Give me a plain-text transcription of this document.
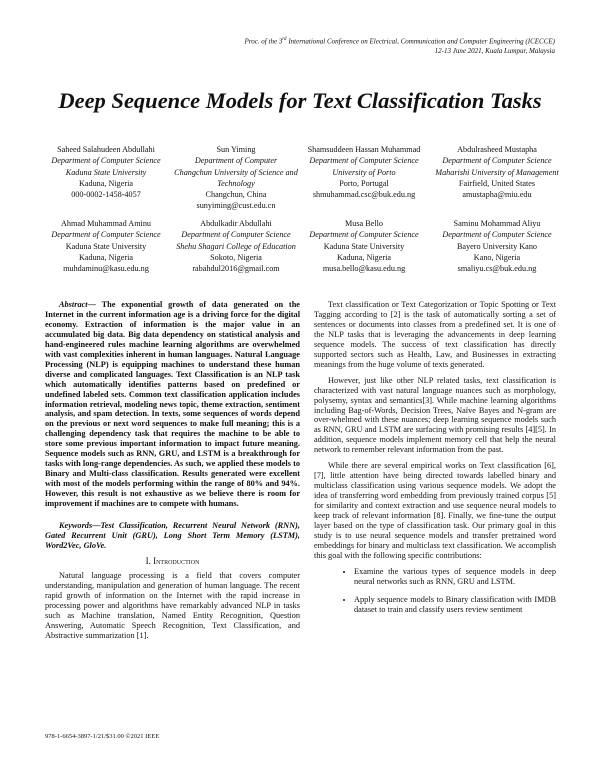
Proc. of the 3rd International Conference on Electrical, Communication and Computer Engineering (ICECCE)
12-13 June 2021, Kuala Lumpur, Malaysia
Deep Sequence Models for Text Classification Tasks
Saheed Salahudeen Abdullahi
Department of Computer Science
Kaduna State University
Kaduna, Nigeria
000-0002-1458-4057
Sun Yiming
Department of Computer
Changchun University of Science and Technology
Changchun, China
sunyiming@cust.edu.cn
Shamsuddeen Hassan Muhammad
Department of Computer Science
University of Porto
Porto, Portugal
shmuhammad.csc@buk.edu.ng
Abdulrasheed Mustapha
Department of Computer Science
Maharishi University of Management
Fairfield, United States
amustapha@miu.edu
Ahmad Muhammad Aminu
Department of Computer Science
Kaduna State University
Kaduna, Nigeria
muhdaminu@kasu.edu.ng
Abdulkadir Abdullahi
Department of Computer Science
Shehu Shagari College of Education
Sokoto, Nigeria
rabahdul2016@gmail.com
Musa Bello
Department of Computer Science
Kaduna State University
Kaduna, Nigeria
musa.bello@kasu.edu.ng
Saminu Mohammad Aliyu
Department of Computer Science
Bayero University Kano
Kano, Nigeria
smaliyu.cs@buk.edu.ng

Abstract— The exponential growth of data generated on the Internet in the current information age is a driving force for the digital economy. Extraction of information is the major value in an accumulated big data. Big data dependency on statistical analysis and hand-engineered rules machine learning algorithms are overwhelmed with vast complexities inherent in human languages. Natural Language Processing (NLP) is equipping machines to understand these human diverse and complicated languages. Text Classification is an NLP task which automatically identifies patterns based on predefined or undefined labeled sets. Common text classification application includes information retrieval, modeling news topic, theme extraction, sentiment analysis, and spam detection. In texts, some sequences of words depend on the previous or next word sequences to make full meaning; this is a challenging dependency task that requires the machine to be able to store some previous important information to impact future meaning. Sequence models such as RNN, GRU, and LSTM is a breakthrough for tasks with long-range dependencies. As such, we applied these models to Binary and Multi-class classification. Results generated were excellent with most of the models performing within the range of 80% and 94%. However, this result is not exhaustive as we believe there is room for improvement if machines are to compete with humans.

Keywords—Test Classification, Recurrent Neural Network (RNN), Gated Recurrent Unit (GRU), Long Short Term Memory (LSTM), Word2Vec, GloVe.

I. Introduction

Natural language processing is a field that covers computer understanding, manipulation and generation of human language. The recent rapid growth of information on the Internet with the rapid increase in processing power and algorithms have remarkably advanced NLP in tasks such as Machine translation, Named Entity Recognition, Question Answering, Automatic Speech Recognition, Text Classification, and Abstractive summarization [1].

Text classification or Text Categorization or Topic Spotting or Text Tagging according to [2] is the task of automatically sorting a set of sentences or documents into classes from a predefined set. It is one of the NLP tasks that is leveraging the advancements in deep learning sequence models. The success of text classification has directly supported sectors such as Health, Law, and Businesses in extracting meanings from the huge volume of texts generated.

However, just like other NLP related tasks, text classification is characterized with vast natural language nuances such as morphology, polysemy, syntax and semantics[3]. While machine learning algorithms including Bag-of-Words, Decision Trees, Naïve Bayes and N-gram are over-whelmed with these nuances; deep learning sequence models such as RNN, GRU and LSTM are surfacing with promising results [4][5]. In addition, sequence models implement memory cell that help the neural network to remember relevant information from the past.

While there are several empirical works on Text classification [6], [7], little attention have being directed towards labelled binary and multiclass classification using various sequence models. We adopt the idea of transferring word embedding from previously trained corpus [5] for similarity and context extraction and use sequence neural models to keep track of relevant information [8]. Finally, we fine-tune the output layer based on the type of classification task. Our primary goal in this study is to use neural sequence models and transfer pretrained word embeddings for binary and multiclass text classification. We accomplish this goal with the following specific contributions:

• Examine the various types of sequence models in deep neural networks such as RNN, GRU and LSTM.
• Apply sequence models to Binary classification with IMDB dataset to train and classify users review sentiment
978-1-6654-3897-1/21/$31.00 ©2021 IEEE
